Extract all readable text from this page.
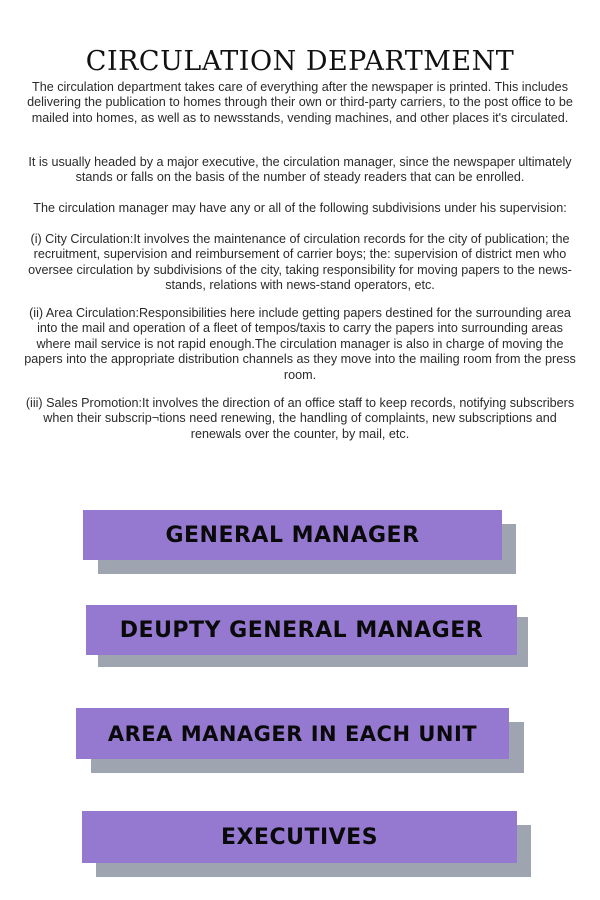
CIRCULATION DEPARTMENT

The circulation department takes care of everything after the newspaper is printed. This includes delivering the publication to homes through their own or third-party carriers, to the post office to be mailed into homes, as well as to newsstands, vending machines, and other places it's circulated.

It is usually headed by a major executive, the circulation manager, since the newspaper ultimately stands or falls on the basis of the number of steady readers that can be enrolled.

The circulation manager may have any or all of the following subdivisions under his supervision:

(i) City Circulation:It involves the maintenance of circulation records for the city of publication; the recruitment, supervision and reimbursement of carrier boys; the: supervision of district men who oversee circulation by subdivisions of the city, taking responsibility for moving papers to the news-stands, relations with news-stand operators, etc.

(ii) Area Circulation:Responsibilities here include getting papers destined for the surrounding area into the mail and operation of a fleet of tempos/taxis to carry the papers into surrounding areas where mail service is not rapid enough.The circulation manager is also in charge of moving the papers into the appropriate distribution channels as they move into the mailing room from the press room.

(iii) Sales Promotion:It involves the direction of an office staff to keep records, notifying subscribers when their subscrip¬tions need renewing, the handling of complaints, new subscriptions and renewals over the counter, by mail, etc.

GENERAL MANAGER
DEUPTY GENERAL MANAGER
AREA MANAGER IN EACH UNIT
EXECUTIVES
